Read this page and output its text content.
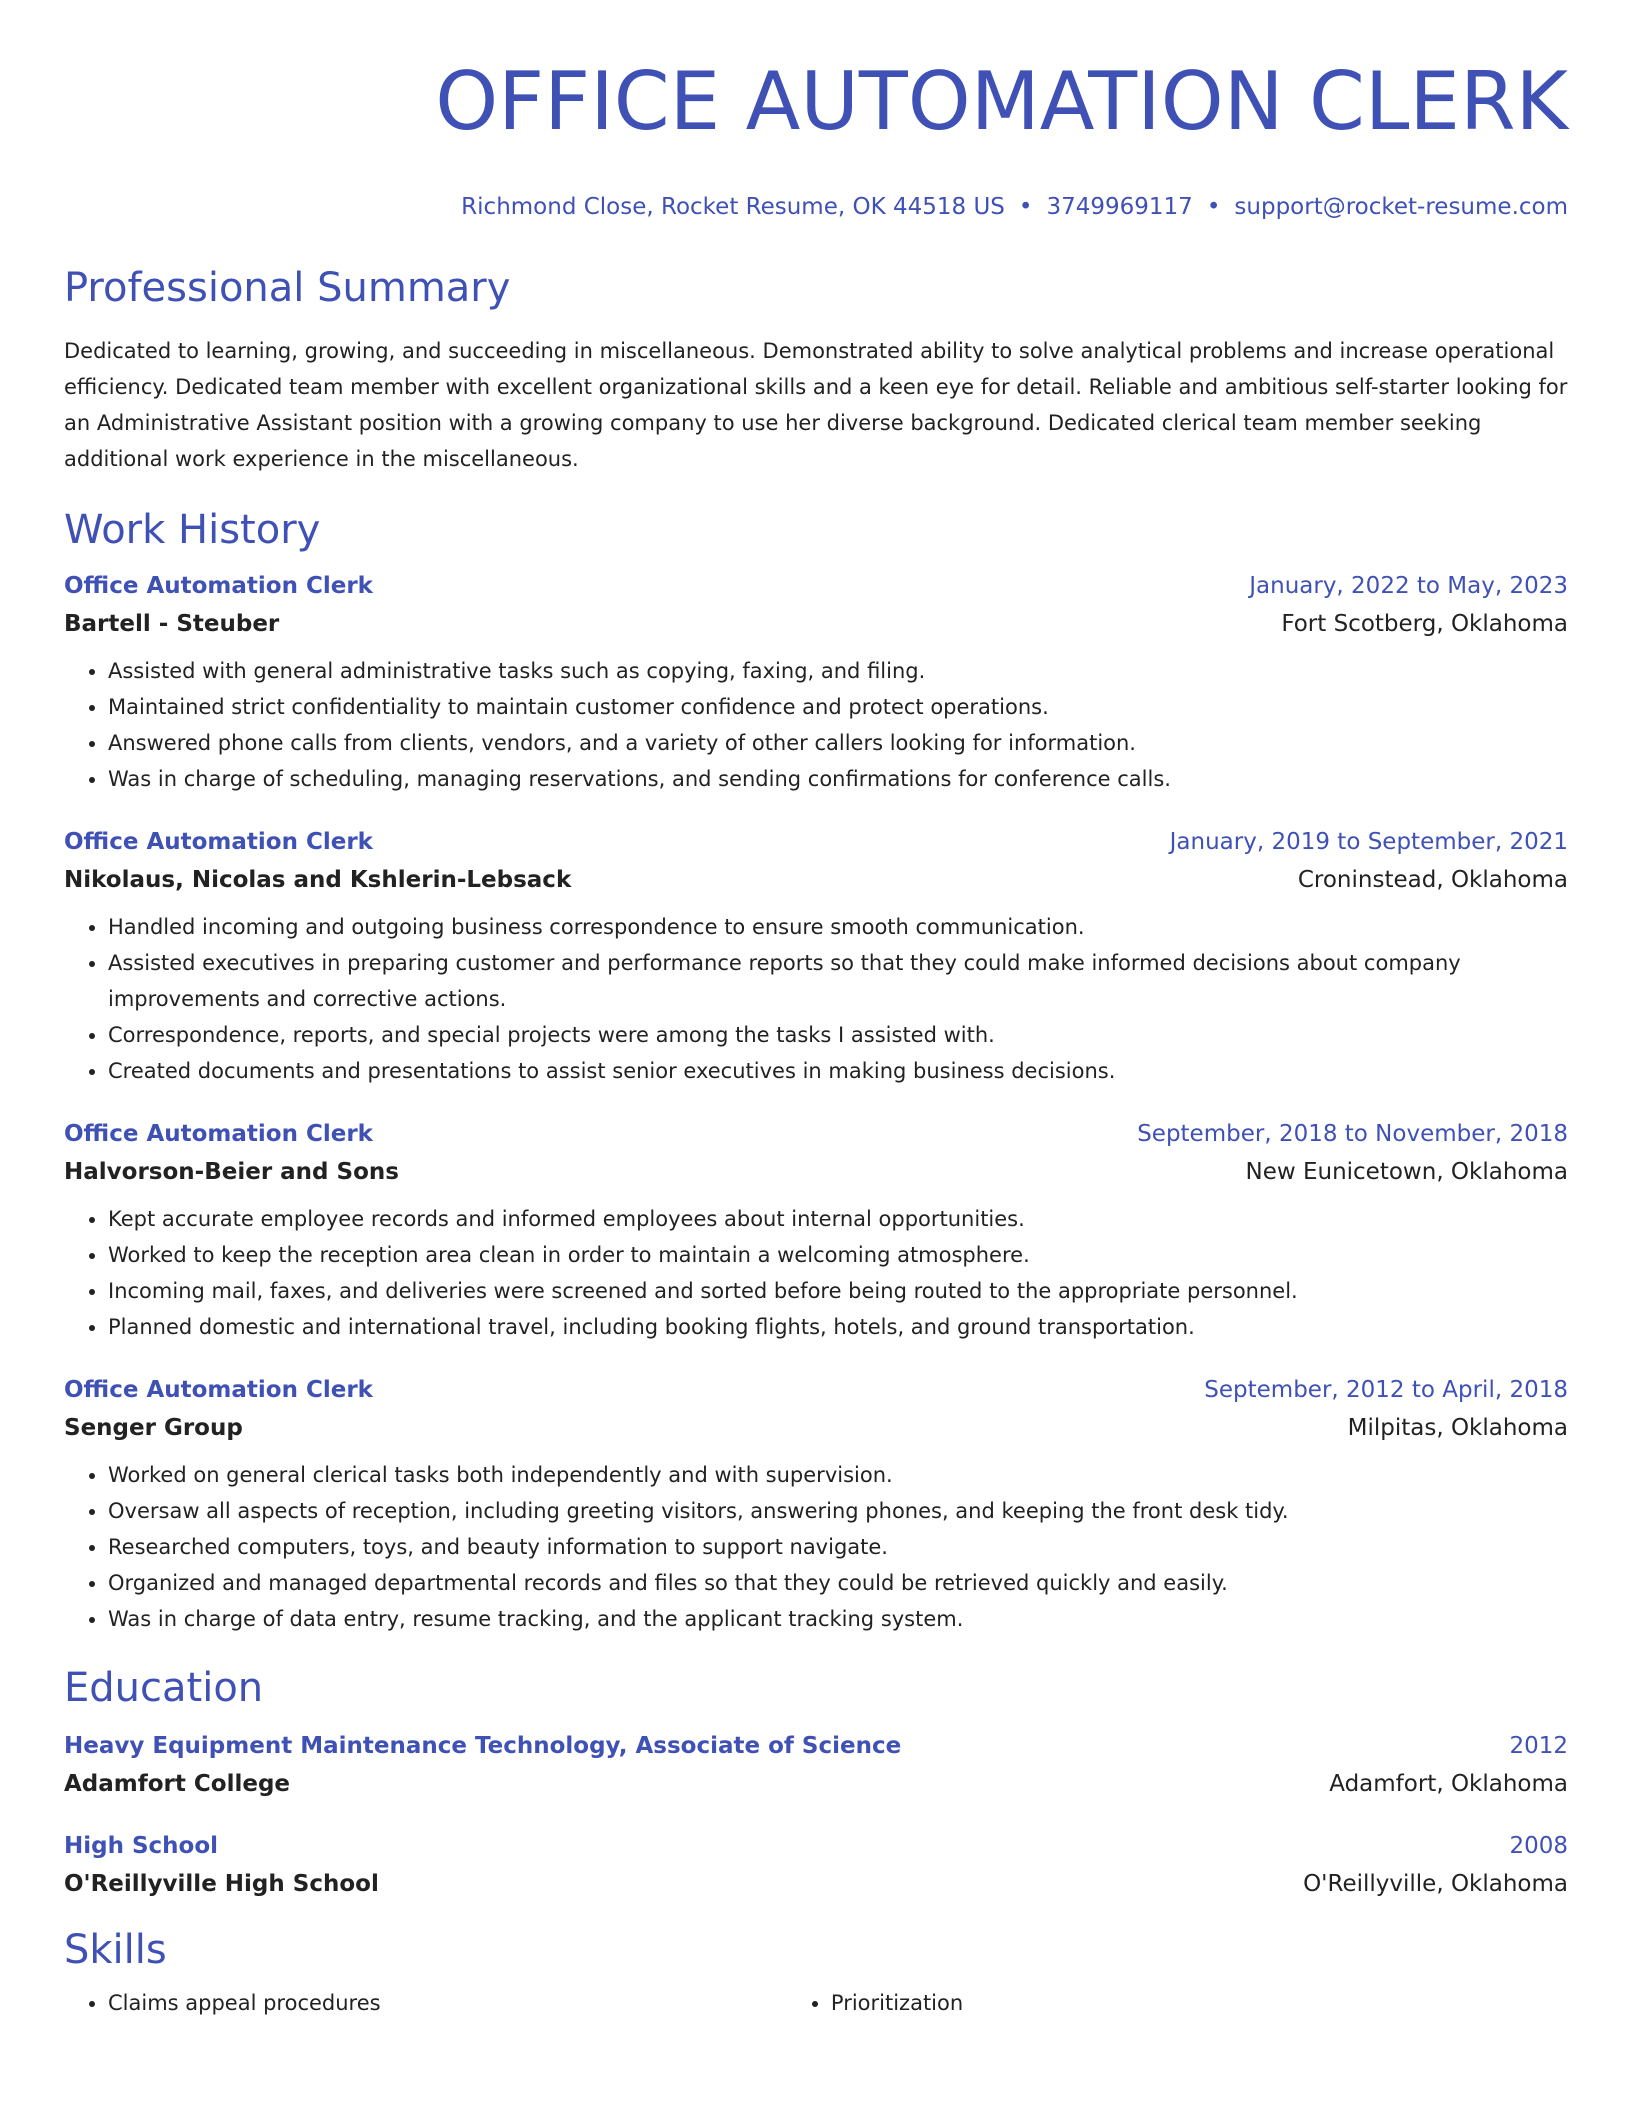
OFFICE AUTOMATION CLERK
Richmond Close, Rocket Resume, OK 44518 US • 3749969117 • support@rocket-resume.com
Professional Summary
Dedicated to learning, growing, and succeeding in miscellaneous. Demonstrated ability to solve analytical problems and increase operational efficiency. Dedicated team member with excellent organizational skills and a keen eye for detail. Reliable and ambitious self-starter looking for an Administrative Assistant position with a growing company to use her diverse background. Dedicated clerical team member seeking additional work experience in the miscellaneous.
Work History
Office Automation Clerk	January, 2022 to May, 2023
Bartell - Steuber	Fort Scotberg, Oklahoma
• Assisted with general administrative tasks such as copying, faxing, and filing.
• Maintained strict confidentiality to maintain customer confidence and protect operations.
• Answered phone calls from clients, vendors, and a variety of other callers looking for information.
• Was in charge of scheduling, managing reservations, and sending confirmations for conference calls.
Office Automation Clerk	January, 2019 to September, 2021
Nikolaus, Nicolas and Kshlerin-Lebsack	Croninstead, Oklahoma
• Handled incoming and outgoing business correspondence to ensure smooth communication.
• Assisted executives in preparing customer and performance reports so that they could make informed decisions about company improvements and corrective actions.
• Correspondence, reports, and special projects were among the tasks I assisted with.
• Created documents and presentations to assist senior executives in making business decisions.
Office Automation Clerk	September, 2018 to November, 2018
Halvorson-Beier and Sons	New Eunicetown, Oklahoma
• Kept accurate employee records and informed employees about internal opportunities.
• Worked to keep the reception area clean in order to maintain a welcoming atmosphere.
• Incoming mail, faxes, and deliveries were screened and sorted before being routed to the appropriate personnel.
• Planned domestic and international travel, including booking flights, hotels, and ground transportation.
Office Automation Clerk	September, 2012 to April, 2018
Senger Group	Milpitas, Oklahoma
• Worked on general clerical tasks both independently and with supervision.
• Oversaw all aspects of reception, including greeting visitors, answering phones, and keeping the front desk tidy.
• Researched computers, toys, and beauty information to support navigate.
• Organized and managed departmental records and files so that they could be retrieved quickly and easily.
• Was in charge of data entry, resume tracking, and the applicant tracking system.
Education
Heavy Equipment Maintenance Technology, Associate of Science	2012
Adamfort College	Adamfort, Oklahoma
High School	2008
O'Reillyville High School	O'Reillyville, Oklahoma
Skills
• Claims appeal procedures
•	Prioritization
